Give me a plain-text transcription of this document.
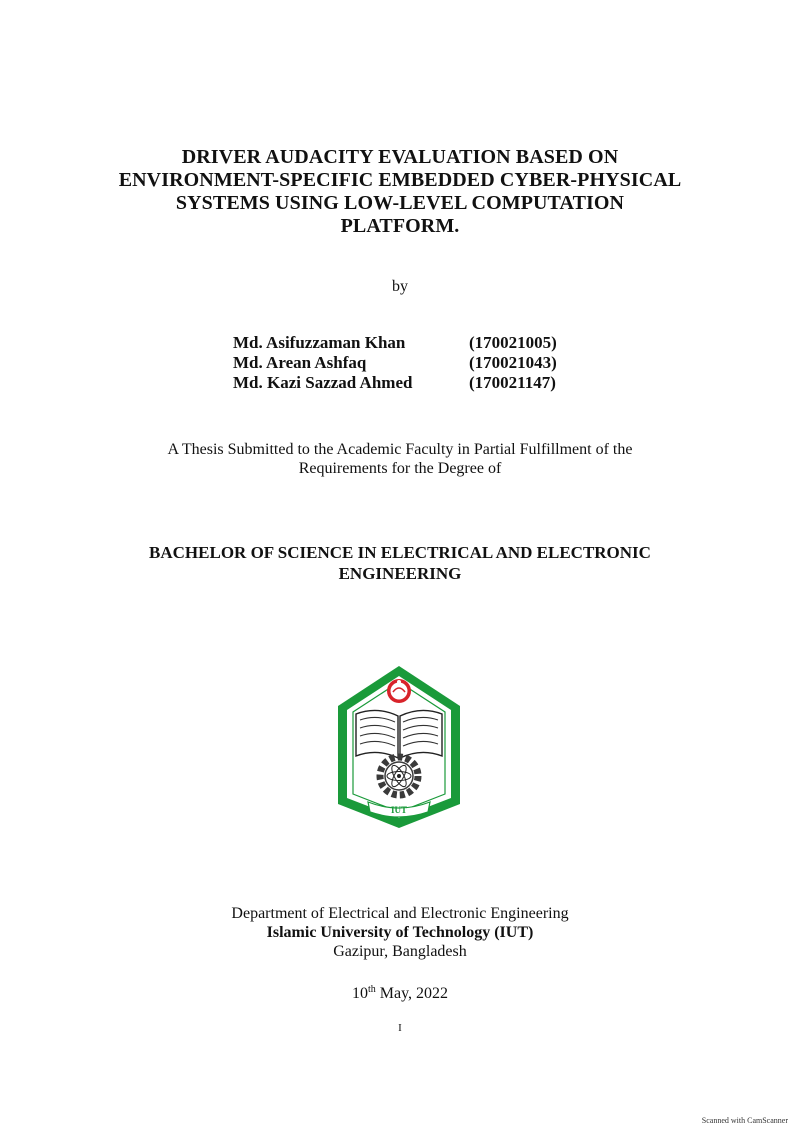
DRIVER AUDACITY EVALUATION BASED ON
ENVIRONMENT-SPECIFIC EMBEDDED CYBER-PHYSICAL
SYSTEMS USING LOW-LEVEL COMPUTATION
PLATFORM.
by
Md. Asifuzzaman Khan	(170021005)
Md. Arean Ashfaq	(170021043)
Md. Kazi Sazzad Ahmed	(170021147)
A Thesis Submitted to the Academic Faculty in Partial Fulfillment of the
Requirements for the Degree of
BACHELOR OF SCIENCE IN ELECTRICAL AND ELECTRONIC
ENGINEERING
IUT
Department of Electrical and Electronic Engineering
Islamic University of Technology (IUT)
Gazipur, Bangladesh
10th May, 2022
I
Scanned with CamScanner
